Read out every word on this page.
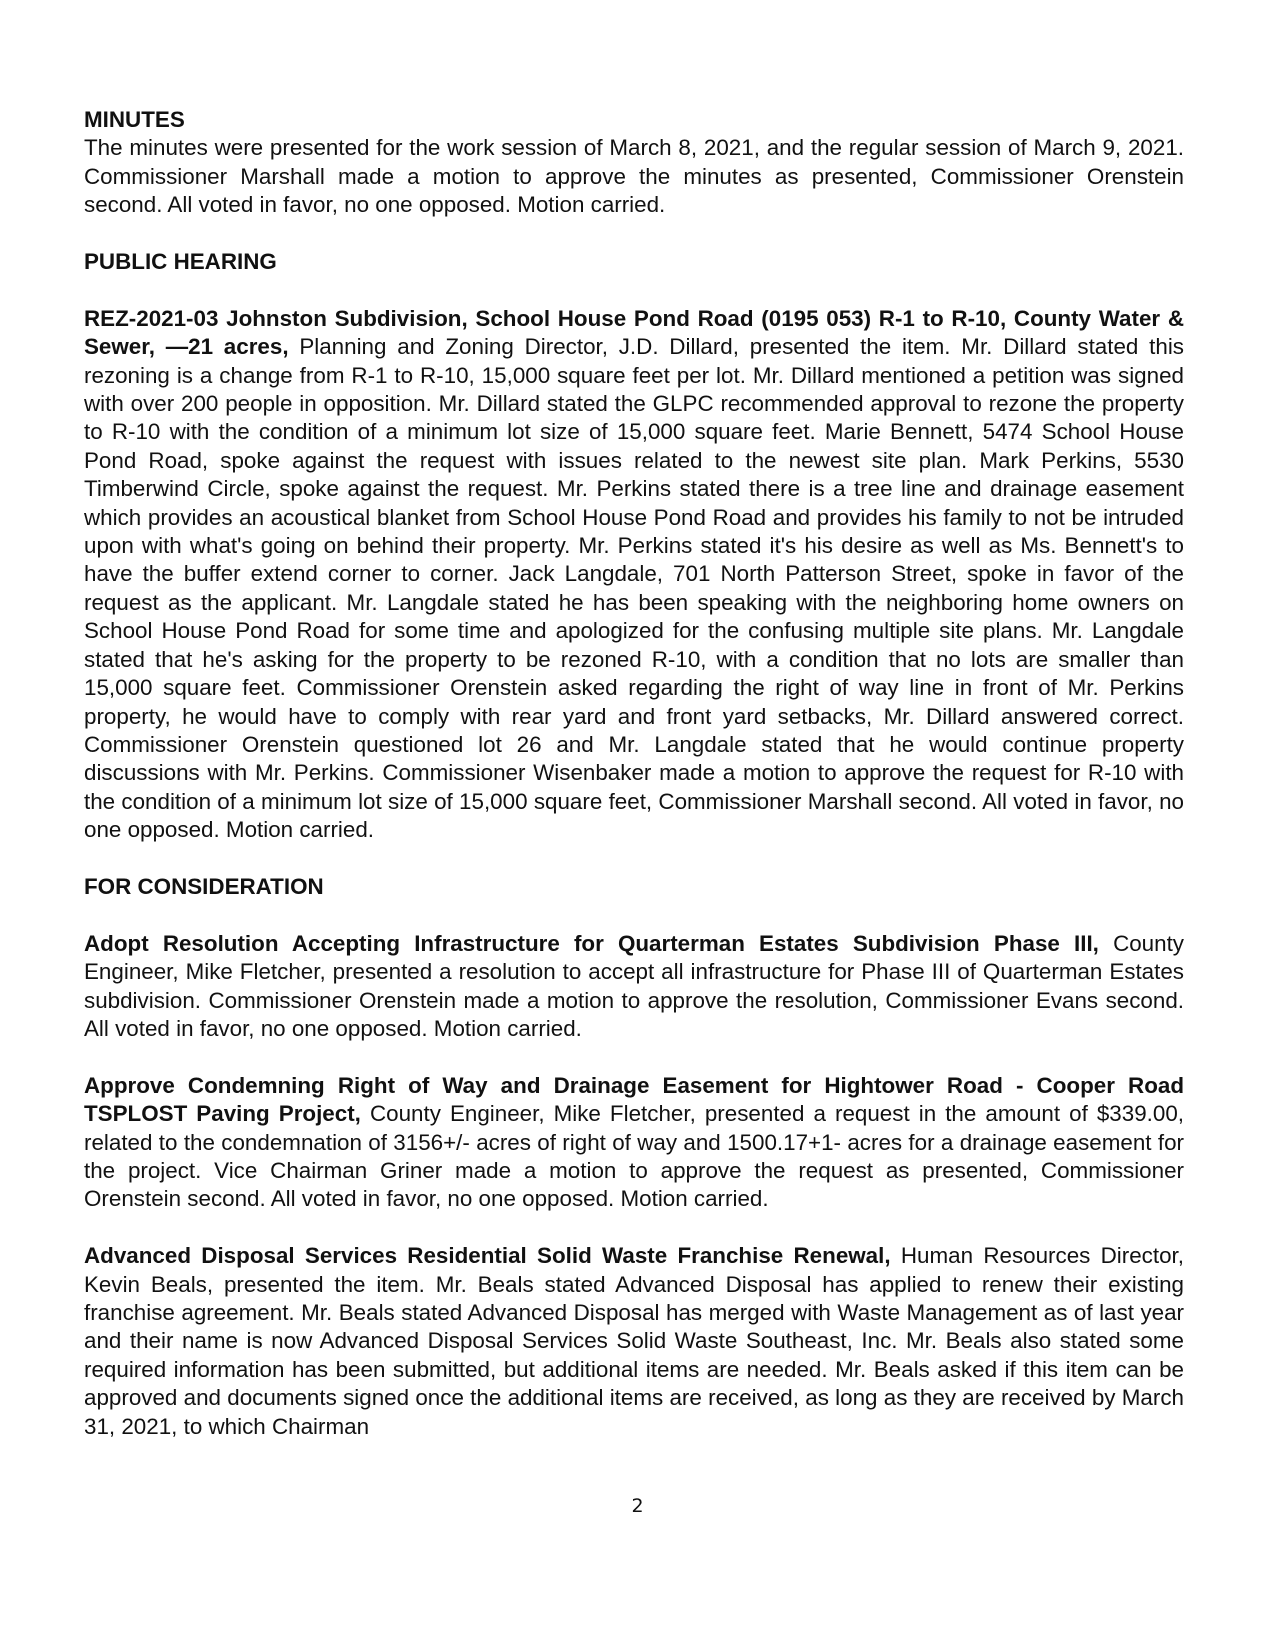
MINUTES

The minutes were presented for the work session of March 8, 2021, and the regular session of March 9, 2021. Commissioner Marshall made a motion to approve the minutes as presented, Commissioner Orenstein second. All voted in favor, no one opposed. Motion carried.

PUBLIC HEARING

REZ-2021-03 Johnston Subdivision, School House Pond Road (0195 053) R-1 to R-10, County Water & Sewer, —21 acres, Planning and Zoning Director, J.D. Dillard, presented the item. Mr. Dillard stated this rezoning is a change from R-1 to R-10, 15,000 square feet per lot. Mr. Dillard mentioned a petition was signed with over 200 people in opposition. Mr. Dillard stated the GLPC recommended approval to rezone the property to R-10 with the condition of a minimum lot size of 15,000 square feet. Marie Bennett, 5474 School House Pond Road, spoke against the request with issues related to the newest site plan. Mark Perkins, 5530 Timberwind Circle, spoke against the request. Mr. Perkins stated there is a tree line and drainage easement which provides an acoustical blanket from School House Pond Road and provides his family to not be intruded upon with what's going on behind their property. Mr. Perkins stated it's his desire as well as Ms. Bennett's to have the buffer extend corner to corner. Jack Langdale, 701 North Patterson Street, spoke in favor of the request as the applicant. Mr. Langdale stated he has been speaking with the neighboring home owners on School House Pond Road for some time and apologized for the confusing multiple site plans. Mr. Langdale stated that he's asking for the property to be rezoned R-10, with a condition that no lots are smaller than 15,000 square feet. Commissioner Orenstein asked regarding the right of way line in front of Mr. Perkins property, he would have to comply with rear yard and front yard setbacks, Mr. Dillard answered correct. Commissioner Orenstein questioned lot 26 and Mr. Langdale stated that he would continue property discussions with Mr. Perkins. Commissioner Wisenbaker made a motion to approve the request for R-10 with the condition of a minimum lot size of 15,000 square feet, Commissioner Marshall second. All voted in favor, no one opposed. Motion carried.

FOR CONSIDERATION

Adopt Resolution Accepting Infrastructure for Quarterman Estates Subdivision Phase III, County Engineer, Mike Fletcher, presented a resolution to accept all infrastructure for Phase III of Quarterman Estates subdivision. Commissioner Orenstein made a motion to approve the resolution, Commissioner Evans second. All voted in favor, no one opposed. Motion carried.

Approve Condemning Right of Way and Drainage Easement for Hightower Road - Cooper Road TSPLOST Paving Project, County Engineer, Mike Fletcher, presented a request in the amount of $339.00, related to the condemnation of 3156+/- acres of right of way and 1500.17+1- acres for a drainage easement for the project. Vice Chairman Griner made a motion to approve the request as presented, Commissioner Orenstein second. All voted in favor, no one opposed. Motion carried.

Advanced Disposal Services Residential Solid Waste Franchise Renewal, Human Resources Director, Kevin Beals, presented the item. Mr. Beals stated Advanced Disposal has applied to renew their existing franchise agreement. Mr. Beals stated Advanced Disposal has merged with Waste Management as of last year and their name is now Advanced Disposal Services Solid Waste Southeast, Inc. Mr. Beals also stated some required information has been submitted, but additional items are needed. Mr. Beals asked if this item can be approved and documents signed once the additional items are received, as long as they are received by March 31, 2021, to which Chairman

2
